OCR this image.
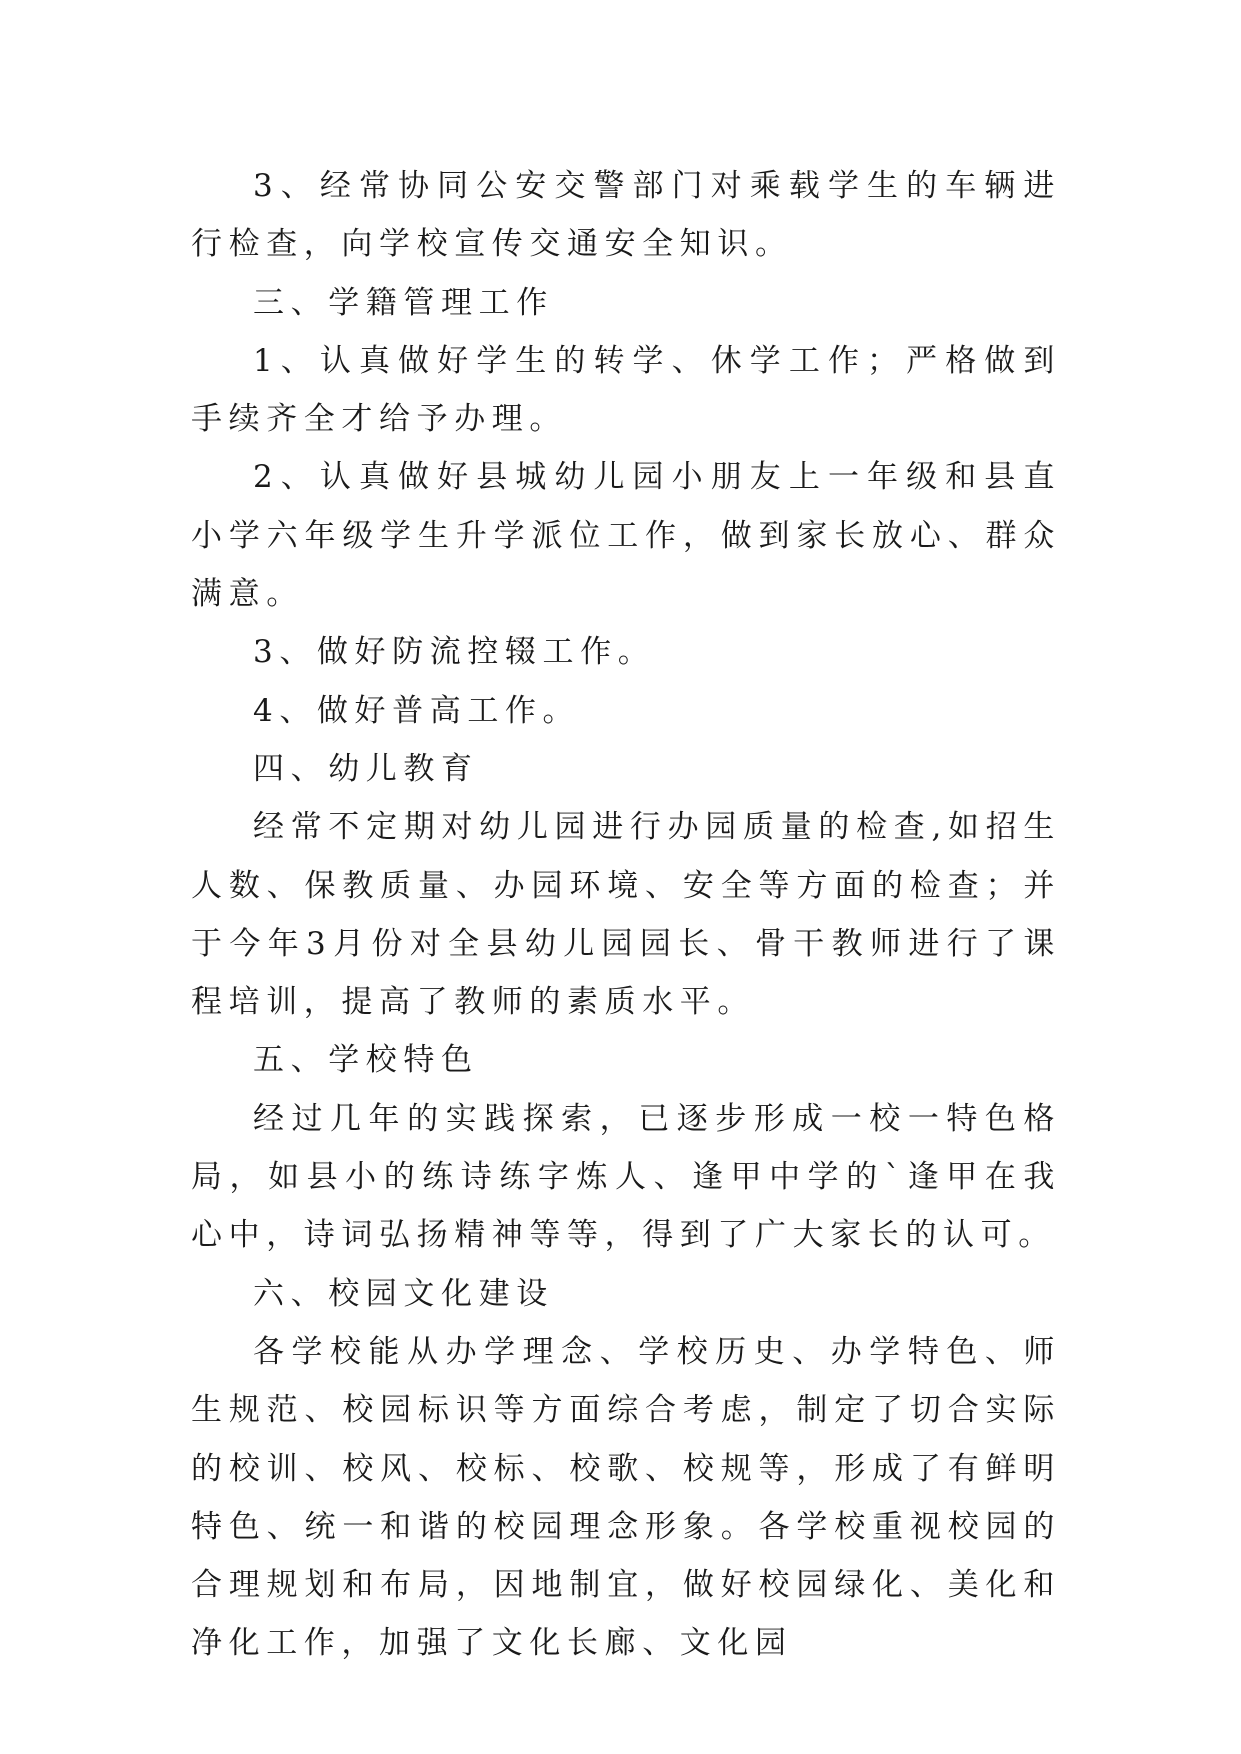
3、经常协同公安交警部门对乘载学生的车辆进行检查，向学校宣传交通安全知识。

三、学籍管理工作

1、认真做好学生的转学、休学工作；严格做到手续齐全才给予办理。

2、认真做好县城幼儿园小朋友上一年级和县直小学六年级学生升学派位工作，做到家长放心、群众满意。

3、做好防流控辍工作。

4、做好普高工作。

四、幼儿教育

经常不定期对幼儿园进行办园质量的检查,如招生人数、保教质量、办园环境、安全等方面的检查；并于今年3月份对全县幼儿园园长、骨干教师进行了课程培训，提高了教师的素质水平。

五、学校特色

经过几年的实践探索，已逐步形成一校一特色格局，如县小的练诗练字炼人、逢甲中学的`逢甲在我心中，诗词弘扬精神等等，得到了广大家长的认可。

六、校园文化建设

各学校能从办学理念、学校历史、办学特色、师生规范、校园标识等方面综合考虑，制定了切合实际的校训、校风、校标、校歌、校规等，形成了有鲜明特色、统一和谐的校园理念形象。各学校重视校园的合理规划和布局，因地制宜，做好校园绿化、美化和净化工作，加强了文化长廊、文化园
